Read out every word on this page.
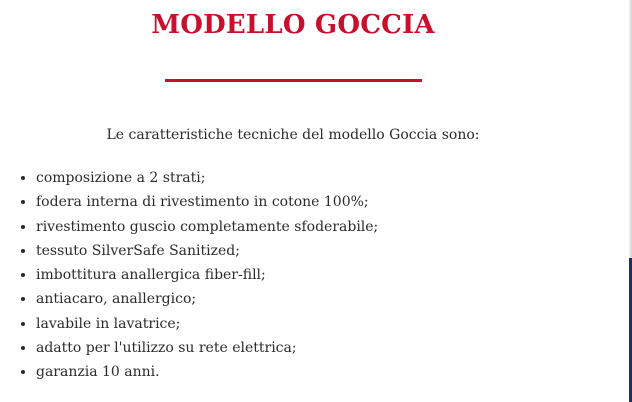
MODELLO GOCCIA

Le caratteristiche tecniche del modello Goccia sono:

• composizione a 2 strati;
• fodera interna di rivestimento in cotone 100%;
• rivestimento guscio completamente sfoderabile;
• tessuto SilverSafe Sanitized;
• imbottitura anallergica fiber-fill;
• antiacaro, anallergico;
• lavabile in lavatrice;
• adatto per l'utilizzo su rete elettrica;
• garanzia 10 anni.
